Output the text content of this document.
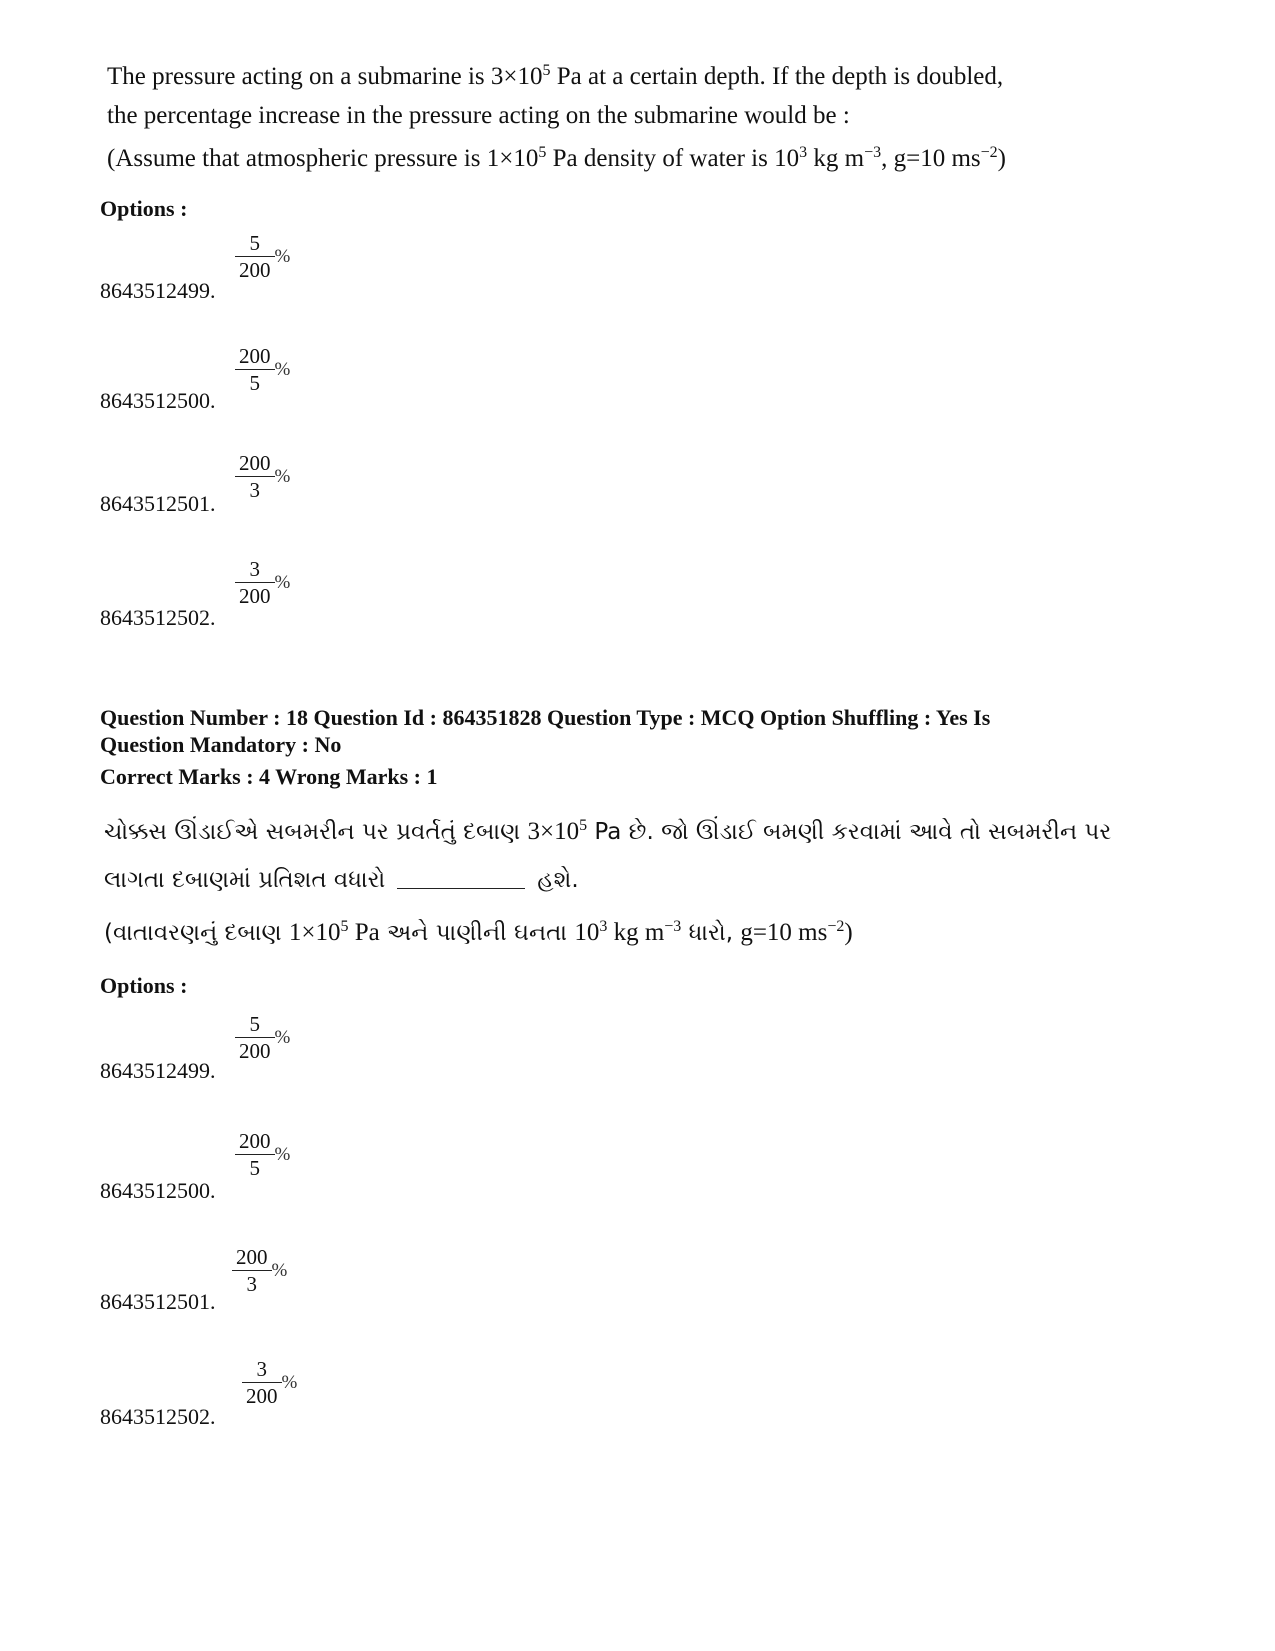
The pressure acting on a submarine is $3\times 10^5$ Pa at a certain depth. If the depth is doubled,
the percentage increase in the pressure acting on the submarine would be :
(Assume that atmospheric pressure is $1\times 10^5$ Pa density of water is $10^3$ kg $m^{-3}$, g=10 $ms^{-2}$)
Options :
$\frac{5}{200}$ %
8643512499.
$\frac{200}{5}$ %
8643512500.
$\frac{200}{3}$ %
8643512501.
$\frac{3}{200}$ %
8643512502.
Question Number : 18 Question Id : 864351828 Question Type : MCQ Option Shuffling : Yes Is
Question Mandatory : No
Correct Marks : 4 Wrong Marks : 1
ચોક્કસ ઊંડાઈએ સબમરીન પર પ્રવર્તતું દબાણ $3\times 10^5$ Pa છે. જો ઊંડાઈ બમણી કરવામાં આવે તો સબમરીન પર
લાગતા દબાણમાં પ્રતિશત વધારો	હશે.
(વાતાવરણનું દબાણ $1\times 10^5$ Pa અને પાણીની ઘનતા $10^3$ kg $m^{-3}$ ધારો, g=10 $ms^{-2}$)
Options :
$\frac{5}{200}$ %
8643512499.
$\frac{200}{5}$ %
8643512500.
$\frac{200}{3}$ %
8643512501.
$\frac{3}{200}$ %
8643512502.
